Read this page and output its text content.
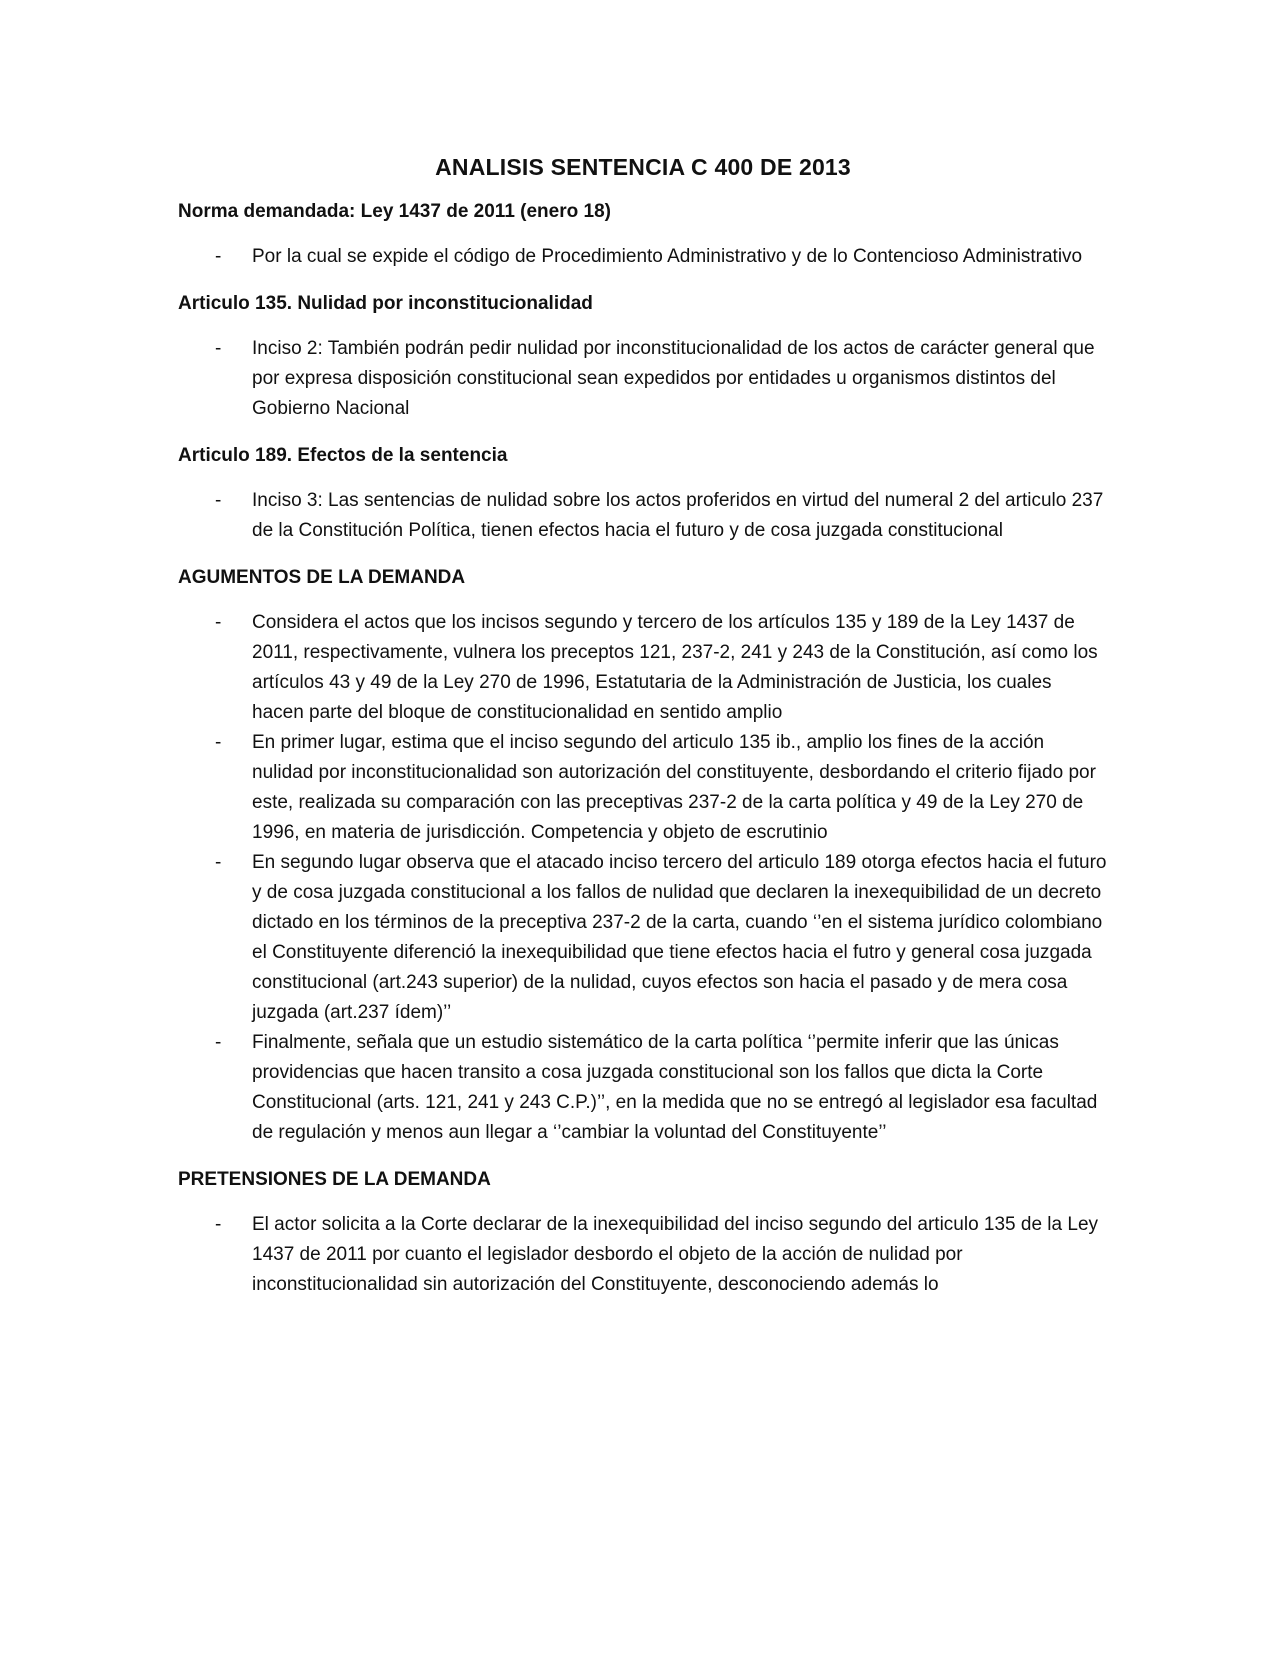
ANALISIS SENTENCIA C 400 DE 2013
Norma demandada: Ley 1437 de 2011 (enero 18)
-	Por la cual se expide el código de Procedimiento Administrativo y de lo Contencioso Administrativo
Articulo 135. Nulidad por inconstitucionalidad
-	Inciso 2: También podrán pedir nulidad por inconstitucionalidad de los actos de carácter general que por expresa disposición constitucional sean expedidos por entidades u organismos distintos del Gobierno Nacional
Articulo 189. Efectos de la sentencia
-	Inciso 3: Las sentencias de nulidad sobre los actos proferidos en virtud del numeral 2 del articulo 237 de la Constitución Política, tienen efectos hacia el futuro y de cosa juzgada constitucional
AGUMENTOS DE LA DEMANDA
-	Considera el actos que los incisos segundo y tercero de los artículos 135 y 189 de la Ley 1437 de 2011, respectivamente, vulnera los preceptos 121, 237-2, 241 y 243 de la Constitución, así como los artículos 43 y 49 de la Ley 270 de 1996, Estatutaria de la Administración de Justicia, los cuales hacen parte del bloque de constitucionalidad en sentido amplio
-	En primer lugar, estima que el inciso segundo del articulo 135 ib., amplio los fines de la acción nulidad por inconstitucionalidad son autorización del constituyente, desbordando el criterio fijado por este, realizada su comparación con las preceptivas 237-2 de la carta política y 49 de la Ley 270 de 1996, en materia de jurisdicción. Competencia y objeto de escrutinio
-	En segundo lugar observa que el atacado inciso tercero del articulo 189 otorga efectos hacia el futuro y de cosa juzgada constitucional a los fallos de nulidad que declaren la inexequibilidad de un decreto dictado en los términos de la preceptiva 237-2 de la carta, cuando ‘’en el sistema jurídico colombiano el Constituyente diferenció la inexequibilidad que tiene efectos hacia el futro y general cosa juzgada constitucional (art.243 superior) de la nulidad, cuyos efectos son hacia el pasado y de mera cosa juzgada (art.237 ídem)’’
-	Finalmente, señala que un estudio sistemático de la carta política ‘’permite inferir que las únicas providencias que hacen transito a cosa juzgada constitucional son los fallos que dicta la Corte Constitucional (arts. 121, 241 y 243 C.P.)’’, en la medida que no se entregó al legislador esa facultad de regulación y menos aun llegar a ‘’cambiar la voluntad del Constituyente’’
PRETENSIONES DE LA DEMANDA
-	El actor solicita a la Corte declarar de la inexequibilidad del inciso segundo del articulo 135 de la Ley 1437 de 2011 por cuanto el legislador desbordo el objeto de la acción de nulidad por inconstitucionalidad sin autorización del Constituyente, desconociendo además lo
